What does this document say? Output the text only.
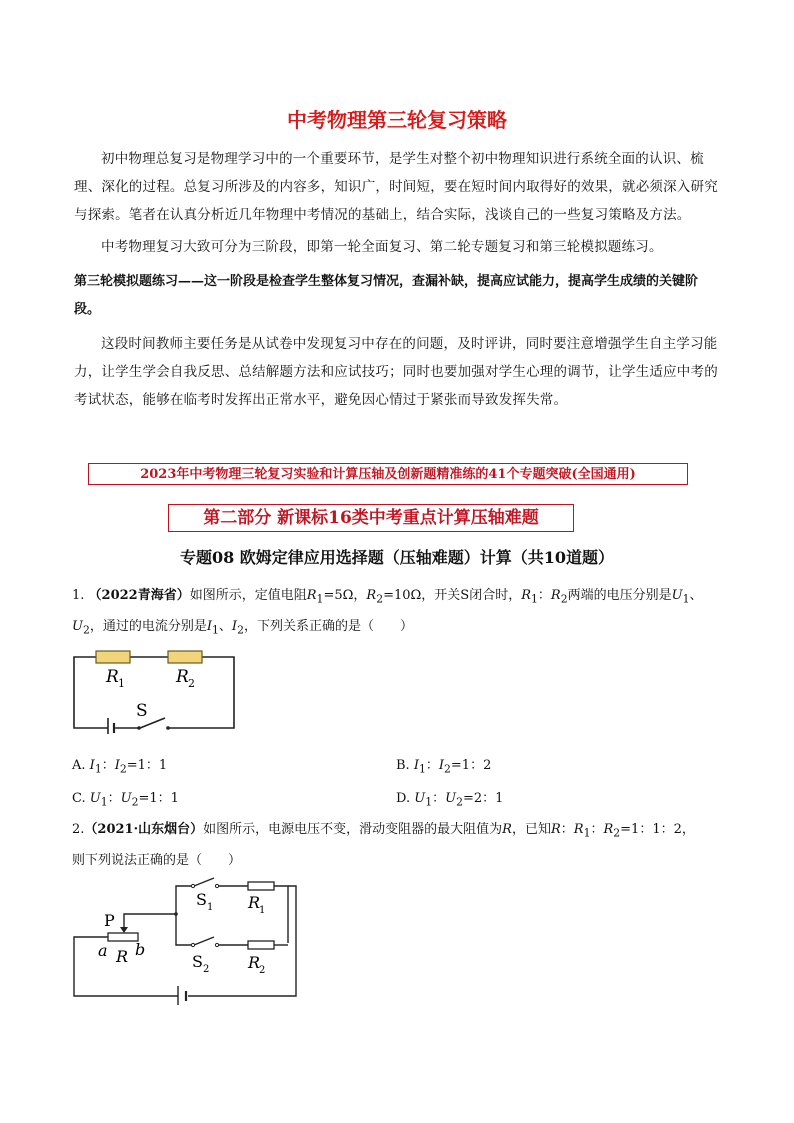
中考物理第三轮复习策略
初中物理总复习是物理学习中的一个重要环节，是学生对整个初中物理知识进行系统全面的认识、梳理、深化的过程。总复习所涉及的内容多，知识广，时间短，要在短时间内取得好的效果，就必须深入研究与探索。笔者在认真分析近几年物理中考情况的基础上，结合实际，浅谈自己的一些复习策略及方法。
中考物理复习大致可分为三阶段，即第一轮全面复习、第二轮专题复习和第三轮模拟题练习。
第三轮模拟题练习——这一阶段是检查学生整体复习情况，查漏补缺，提高应试能力，提高学生成绩的关键阶段。
这段时间教师主要任务是从试卷中发现复习中存在的问题，及时评讲，同时要注意增强学生自主学习能力，让学生学会自我反思、总结解题方法和应试技巧；同时也要加强对学生心理的调节，让学生适应中考的考试状态，能够在临考时发挥出正常水平，避免因心情过于紧张而导致发挥失常。
2023年中考物理三轮复习实验和计算压轴及创新题精准练的41个专题突破(全国通用)
第二部分 新课标16类中考重点计算压轴难题
专题08 欧姆定律应用选择题（压轴难题）计算（共10道题）
1. （2022青海省）如图所示，定值电阻$R_1=5\Omega$，$R_2=10\Omega$，开关S闭合时，$R_1$：$R_2$两端的电压分别是$U_1$、$U_2$，通过的电流分别是$I_1$、$I_2$，下列关系正确的是（　　）
R 1	R 2
S
A. $I_1$：$I_2=1$：1	B. $I_1$：$I_2=1$：2
C. $U_1$：$U_2=1$：1	D. $U_1$：$U_2=2$：1
2.（2021·山东烟台）如图所示，电源电压不变，滑动变阻器的最大阻值为R，已知R：$R_1$：$R_2=1$：1：2，
则下列说法正确的是（　　）
P
a R b
S 1 R
1
S 2 R
2
